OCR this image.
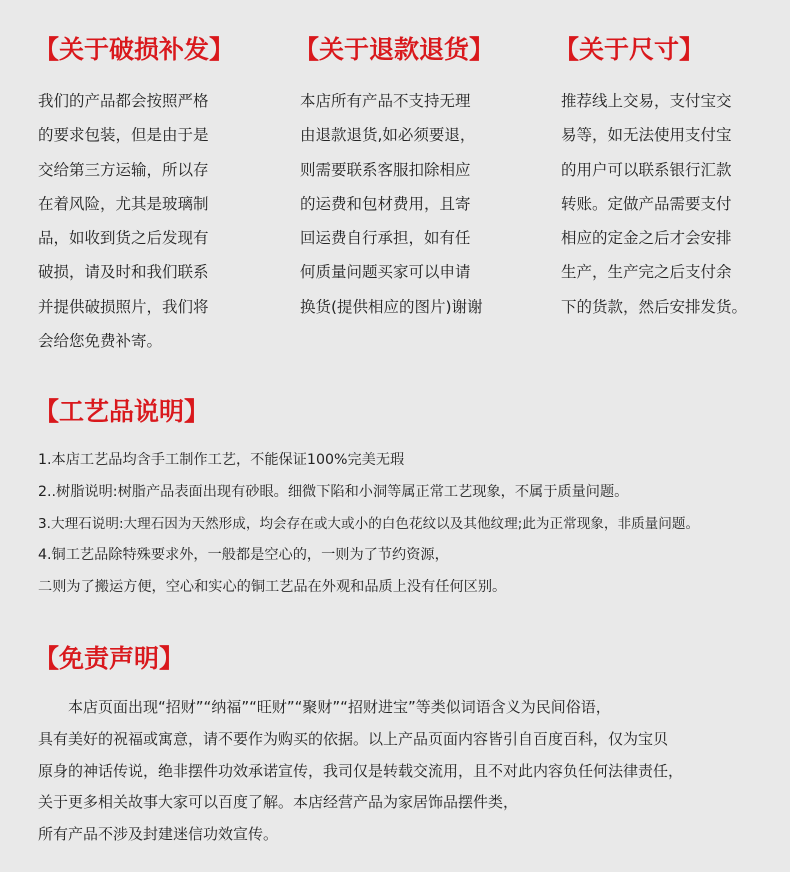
【关于破损补发】
我们的产品都会按照严格
的要求包装，但是由于是
交给第三方运输，所以存
在着风险，尤其是玻璃制
品，如收到货之后发现有
破损，请及时和我们联系
并提供破损照片，我们将
会给您免费补寄。
【关于退款退货】
本店所有产品不支持无理
由退款退货,如必须要退，
则需要联系客服扣除相应
的运费和包材费用，且寄
回运费自行承担，如有任
何质量问题买家可以申请
换货(提供相应的图片)谢谢
【关于尺寸】
推荐线上交易，支付宝交
易等，如无法使用支付宝
的用户可以联系银行汇款
转账。定做产品需要支付
相应的定金之后才会安排
生产，生产完之后支付余
下的货款，然后安排发货。
【工艺品说明】
1.本店工艺品均含手工制作工艺，不能保证100%完美无瑕
2..树脂说明:树脂产品表面出现有砂眼。细微下陷和小洞等属正常工艺现象，不属于质量问题。
3.大理石说明:大理石因为天然形成，均会存在或大或小的白色花纹以及其他纹理;此为正常现象，非质量问题。
4.铜工艺品除特殊要求外，一般都是空心的，一则为了节约资源，
二则为了搬运方便，空心和实心的铜工艺品在外观和品质上没有任何区别。
【免责声明】
本店页面出现“招财”“纳福”“旺财”“聚财”“招财进宝”等类似词语含义为民间俗语，
具有美好的祝福或寓意，请不要作为购买的依据。以上产品页面内容皆引自百度百科，仅为宝贝
原身的神话传说，绝非摆件功效承诺宣传，我司仅是转载交流用，且不对此内容负任何法律责任，
关于更多相关故事大家可以百度了解。本店经营产品为家居饰品摆件类，
所有产品不涉及封建迷信功效宣传。
